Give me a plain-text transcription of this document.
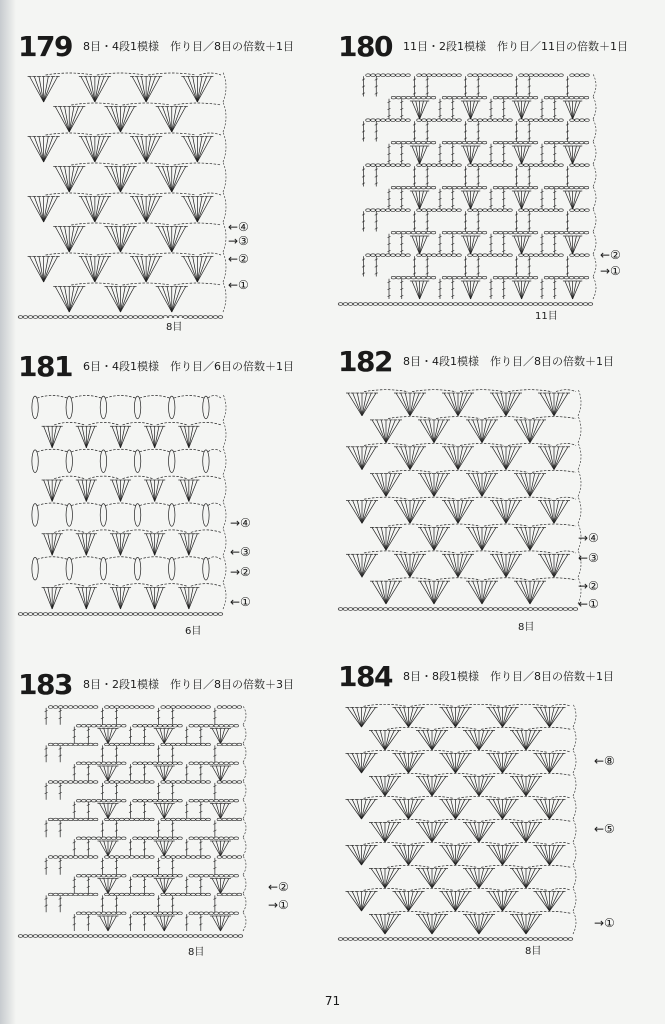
179 $^{8目・4段1模様 作り目/8目の倍数+1目}$
←④
→③
←②
←①
8目
180 $^{11目・2段1模様 作り目/11目の倍数+1目}$
←②
→①
11目
181 $^{6目・4段1模様 作り目/6目の倍数+1目}$
→④
←③
→②
←①
6目
182 $^{8目・4段1模様 作り目/8目の倍数+1目}$
→④
←③
→②
←①
8目
183 $^{8目・2段1模様 作り目/8目の倍数+3目}$
←②
→①
8目
184 $^{8目・8段1模様 作り目/8目の倍数+1目}$
←⑧
←⑤
→①
8目
71
